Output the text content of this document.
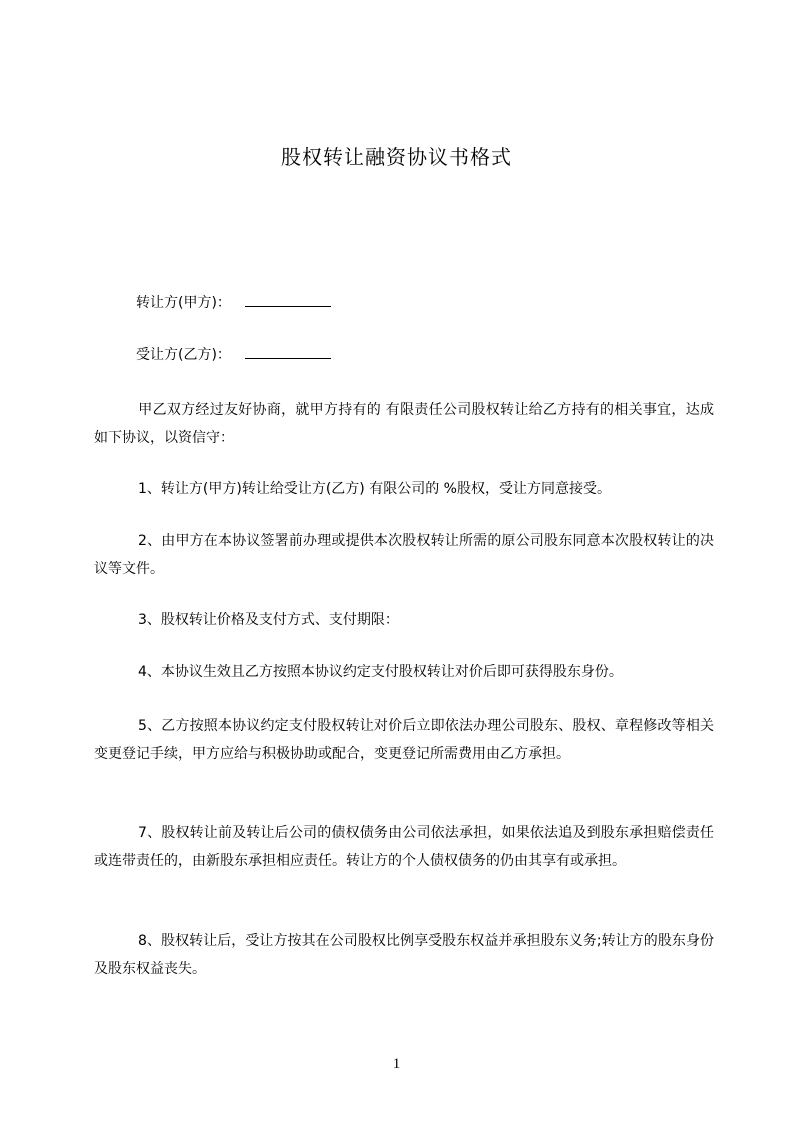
股权转让融资协议书格式
转让方(甲方)：
受让方(乙方)：
甲乙双方经过友好协商，就甲方持有的 有限责任公司股权转让给乙方持有的相关事宜，达成如下协议，以资信守：
1、转让方(甲方)转让给受让方(乙方) 有限公司的 %股权，受让方同意接受。
2、由甲方在本协议签署前办理或提供本次股权转让所需的原公司股东同意本次股权转让的决议等文件。
3、股权转让价格及支付方式、支付期限：
4、本协议生效且乙方按照本协议约定支付股权转让对价后即可获得股东身份。
5、乙方按照本协议约定支付股权转让对价后立即依法办理公司股东、股权、章程修改等相关变更登记手续，甲方应给与积极协助或配合，变更登记所需费用由乙方承担。
7、股权转让前及转让后公司的债权债务由公司依法承担，如果依法追及到股东承担赔偿责任或连带责任的，由新股东承担相应责任。转让方的个人债权债务的仍由其享有或承担。
8、股权转让后，受让方按其在公司股权比例享受股东权益并承担股东义务;转让方的股东身份及股东权益丧失。
1
